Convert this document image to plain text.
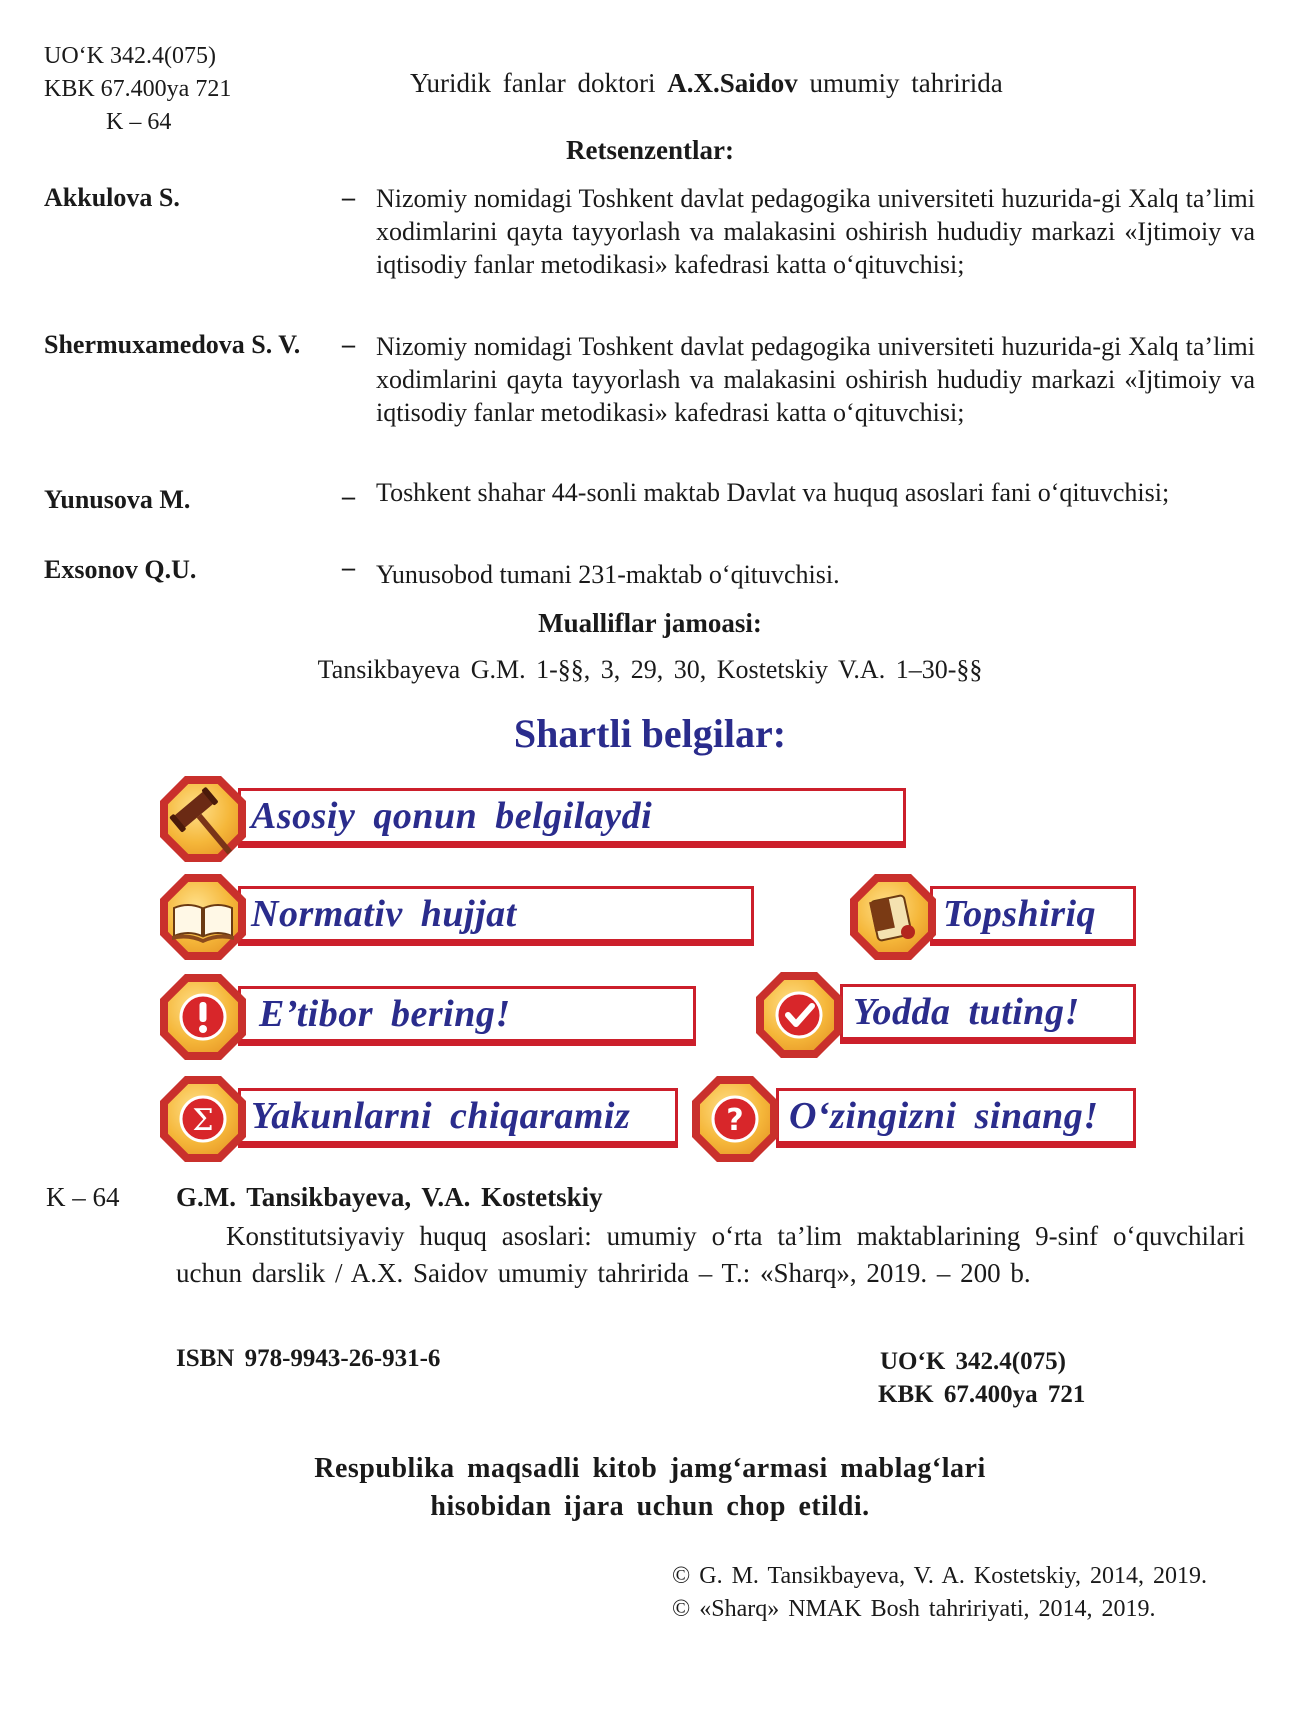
UO‘K 342.4(075)
KBK 67.400ya 721
K – 64
Yuridik fanlar doktori A.X.Saidov umumiy tahririda
Retsenzentlar:
Akkulova S.	– Nizomiy nomidagi Toshkent davlat pedagogika universiteti huzurida-gi Xalq ta’limi xodimlarini qayta tayyorlash va malakasini oshirish hududiy markazi «Ijtimoiy va iqtisodiy fanlar metodikasi» kafedrasi katta o‘qituvchisi;
Shermuxamedova S. V. – Nizomiy nomidagi Toshkent davlat pedagogika universiteti huzurida-gi Xalq ta’limi xodimlarini qayta tayyorlash va malakasini oshirish hududiy markazi «Ijtimoiy va iqtisodiy fanlar metodikasi» kafedrasi katta o‘qituvchisi;
Yunusova M.	– Toshkent shahar 44-sonli maktab Davlat va huquq asoslari fani o‘qituvchisi;
Exsonov Q.U.	– Yunusobod tumani 231-maktab o‘qituvchisi.
Mualliflar jamoasi:
Tansikbayeva G.M. 1-§§, 3, 29, 30, Kostetskiy V.A. 1–30-§§
Shartli belgilar:
Asosiy qonun belgilaydi
Normativ hujjat	Topshiriq
E’tibor bering!	Yodda tuting!
Yakunlarni chiqaramiz
Σ	O‘zingizni sinang!
?
K – 64 G.M. Tansikbayeva, V.A. Kostetskiy
Konstitutsiyaviy huquq asoslari: umumiy o‘rta ta’lim maktablarining 9-sinf o‘quvchilari uchun darslik / A.X. Saidov umumiy tahririda – T.: «Sharq», 2019. – 200 b.
ISBN 978-9943-26-931-6	UO‘K 342.4(075)
KBK 67.400ya 721
Respublika maqsadli kitob jamg‘armasi mablag‘lari
hisobidan ijara uchun chop etildi.
© G. M. Tansikbayeva, V. A. Kostetskiy, 2014, 2019.
© «Sharq» NMAK Bosh tahririyati, 2014, 2019.
